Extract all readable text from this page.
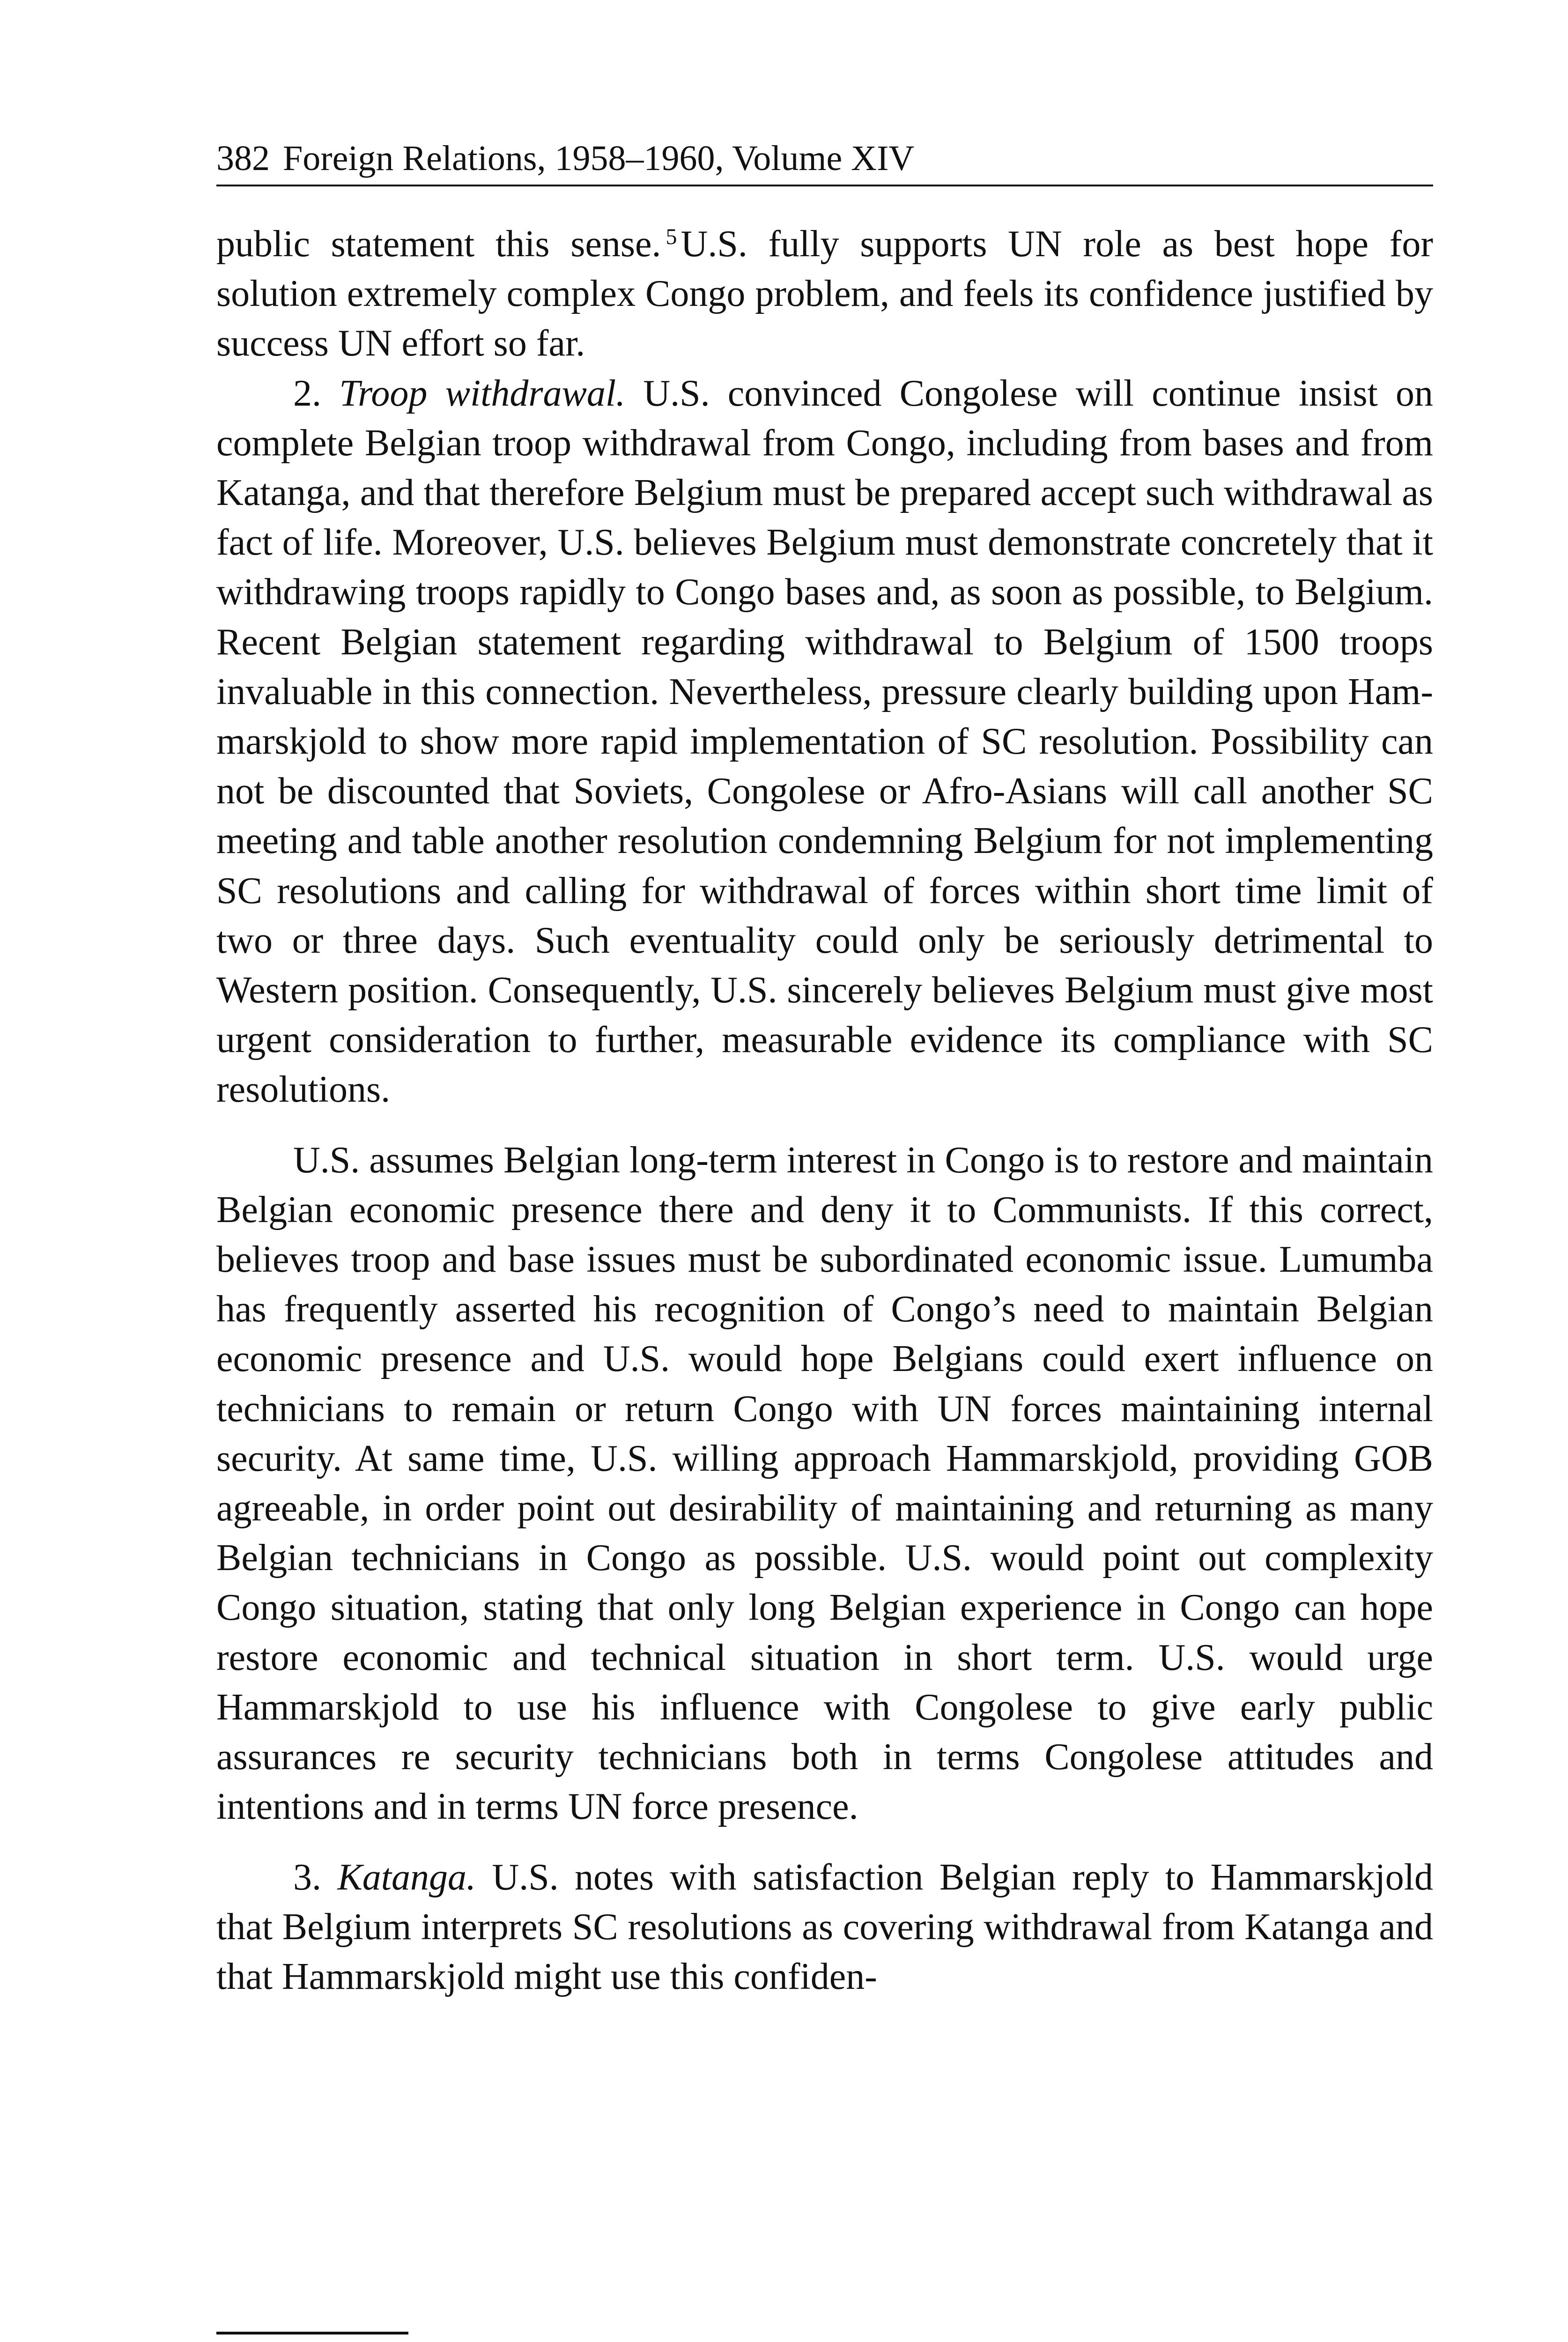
382 Foreign Relations, 1958–1960, Volume XIV

public statement this sense. $^5$ U.S. fully supports UN role as best hope for solution extremely complex Congo problem, and feels its confidence justified by success UN effort so far.

2. Troop withdrawal. U.S. convinced Congolese will continue insist on complete Belgian troop withdrawal from Congo, including from bases and from Katanga, and that therefore Belgium must be prepared accept such withdrawal as fact of life. Moreover, U.S. believes Belgium must demonstrate concretely that it withdrawing troops rapidly to Congo bases and, as soon as possible, to Belgium. Recent Belgian statement regarding withdrawal to Belgium of 1500 troops invaluable in this connection. Nevertheless, pressure clearly building upon Hammarskjold to show more rapid implementation of SC resolution. Possibility can not be discounted that Soviets, Congolese or Afro-Asians will call another SC meeting and table another resolution condemning Belgium for not implementing SC resolutions and calling for withdrawal of forces within short time limit of two or three days. Such eventuality could only be seriously detrimental to Western position. Consequently, U.S. sincerely believes Belgium must give most urgent consideration to further, measurable evidence its compliance with SC resolutions.

U.S. assumes Belgian long-term interest in Congo is to restore and maintain Belgian economic presence there and deny it to Communists. If this correct, believes troop and base issues must be subordinated economic issue. Lumumba has frequently asserted his recognition of Congo’s need to maintain Belgian economic presence and U.S. would hope Belgians could exert influence on technicians to remain or return Congo with UN forces maintaining internal security. At same time, U.S. willing approach Hammarskjold, providing GOB agreeable, in order point out desirability of maintaining and returning as many Belgian technicians in Congo as possible. U.S. would point out complexity Congo situation, stating that only long Belgian experience in Congo can hope restore economic and technical situation in short term. U.S. would urge Hammarskjold to use his influence with Congolese to give early public assurances re security technicians both in terms Congolese attitudes and intentions and in terms UN force presence.

3. Katanga. U.S. notes with satisfaction Belgian reply to Hammarskjold that Belgium interprets SC resolutions as covering withdrawal from Katanga and that Hammarskjold might use this confiden-
